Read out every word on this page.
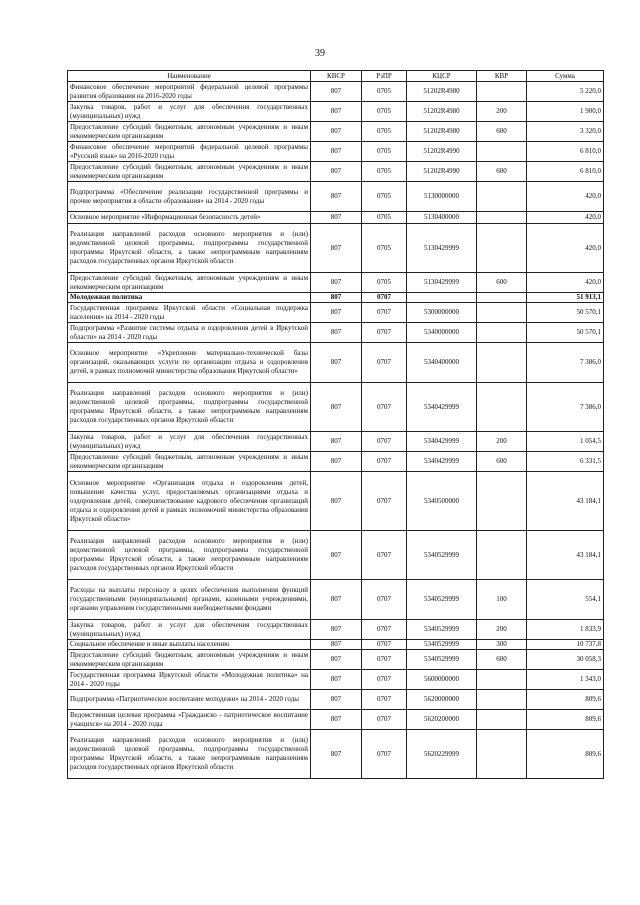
39
Наименование	КВСР	РзПР	КЦСР	КВР	Сумма
Финансовое обеспечение мероприятий федеральной целевой программы развития образования на 2016-2020 годы	807	0705	51202R4980		5 220,0
Закупка товаров, работ и услуг для обеспечения государственных (муниципальных) нужд	807	0705	51202R4980	200	1 900,0
Предоставление субсидий бюджетным, автономным учреждениям и иным некоммерческим организациям	807	0705	51202R4980	600	3 320,0
Финансовое обеспечение мероприятий федеральной целевой программы «Русский язык» на 2016-2020 годы	807	0705	51202R4990		6 810,0
Предоставление субсидий бюджетным, автономным учреждениям и иным некоммерческим организациям	807	0705	51202R4990	600	6 810,0
Подпрограмма «Обеспечение реализации государственной программы и прочие мероприятия в области образования» на 2014 - 2020 годы	807	0705	5130000000		420,0
Основное мероприятие «Информационная безопасность детей»	807	0705	5130400000		420,0
Реализация направлений расходов основного мероприятия и (или) ведомственной целевой программы, подпрограммы государственной программы Иркутской области, а также непрограммным направлениям расходов государственных органов Иркутской области	807	0705	5130429999		420,0
Предоставление субсидий бюджетным, автономным учреждениям и иным некоммерческим организациям	807	0705	5130429999	600	420,0
Молодежная политика	807	0707			51 913,1
Государственная программа Иркутской области «Социальная поддержка населения» на 2014 - 2020 годы	807	0707	5300000000		50 570,1
Подпрограмма «Развитие системы отдыха и оздоровления детей в Иркутской области» на 2014 - 2020 годы	807	0707	5340000000		50 570,1
Основное мероприятие «Укрепление материально-технической базы организаций, оказывающих услуги по организации отдыха и оздоровления детей, в рамках полномочий министерства образования Иркутской области»	807	0707	5340400000		7 386,0
Реализация направлений расходов основного мероприятия и (или) ведомственной целевой программы, подпрограммы государственной программы Иркутской области, а также непрограммным направлениям расходов государственных органов Иркутской области	807	0707	5340429999		7 386,0
Закупка товаров, работ и услуг для обеспечения государственных (муниципальных) нужд	807	0707	5340429999	200	1 054,5
Предоставление субсидий бюджетным, автономным учреждениям и иным некоммерческим организациям	807	0707	5340429999	600	6 331,5
Основное мероприятие «Организация отдыха и оздоровления детей, повышение качества услуг, предоставляемых организациями отдыха и оздоровления детей, совершенствование кадрового обеспечения организаций отдыха и оздоровления детей в рамках полномочий министерства образования Иркутской области»	807	0707	5340500000		43 184,1
Реализация направлений расходов основного мероприятия и (или) ведомственной целевой программы, подпрограммы государственной программы Иркутской области, а также непрограммным направлениям расходов государственных органов Иркутской области	807	0707	5340529999		43 184,1
Расходы на выплаты персоналу в целях обеспечения выполнения функций государственными (муниципальными) органами, казенными учреждениями, органами управления государственными внебюджетными фондами	807	0707	5340529999	100	554,1
Закупка товаров, работ и услуг для обеспечения государственных (муниципальных) нужд	807	0707	5340529999	200	1 833,9
Социальное обеспечение и иные выплаты населению	807	0707	5340529999	300	10 737,8
Предоставление субсидий бюджетным, автономным учреждениям и иным некоммерческим организациям	807	0707	5340529999	600	30 058,3
Государственная программа Иркутской области «Молодежная политика» на 2014 - 2020 годы	807	0707	5600000000		1 343,0
Подпрограмма «Патриотическое воспитание молодежи» на 2014 - 2020 годы	807	0707	5620000000		809,6
Ведомственная целевая программа «Гражданско - патриотическое воспитание учащихся» на 2014 - 2020 годы	807	0707	5620200000		809,6
Реализация направлений расходов основного мероприятия и (или) ведомственной целевой программы, подпрограммы государственной программы Иркутской области, а также непрограммным направлениям расходов государственных органов Иркутской области	807	0707	5620229999		809,6
